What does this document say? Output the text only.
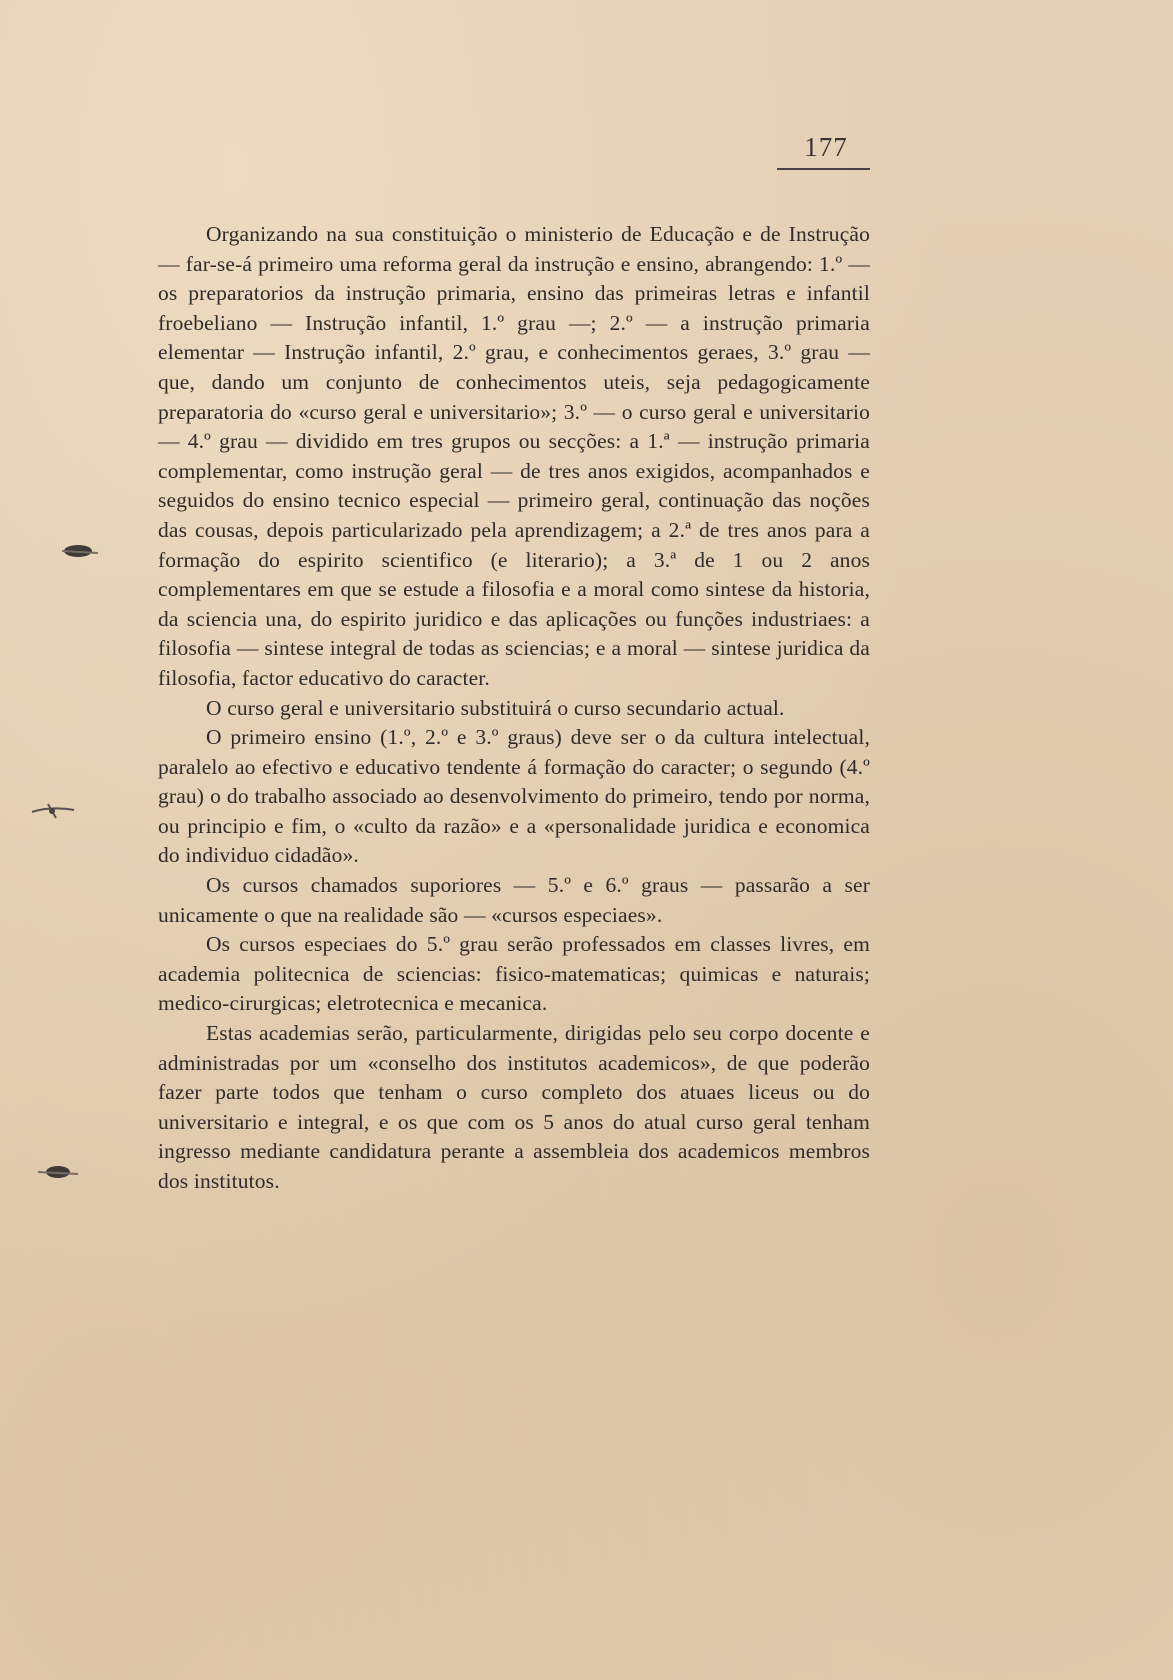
177

Organizando na sua constituição o ministerio de Educação e de Instrução — far-se-á primeiro uma reforma geral da instrução e ensino, abrangendo: 1.º — os preparatorios da instrução primaria, ensino das primeiras letras e infantil froebeliano — Instrução infantil, 1.º grau —; 2.º — a instrução primaria elementar — Instrução infantil, 2.º grau, e conhecimentos geraes, 3.º grau — que, dando um conjunto de conhecimentos uteis, seja pedagogicamente preparatoria do «curso geral e universitario»; 3.º — o curso geral e universitario — 4.º grau — dividido em tres grupos ou secções: a 1.ª — instrução primaria complementar, como instrução geral — de tres anos exigidos, acompanhados e seguidos do ensino tecnico especial — primeiro geral, continuação das noções das cousas, depois particularizado pela aprendizagem; a 2.ª de tres anos para a formação do espirito scientifico (e literario); a 3.ª de 1 ou 2 anos complementares em que se estude a filosofia e a moral como sintese da historia, da sciencia una, do espirito juridico e das aplicações ou funções industriaes: a filosofia — sintese integral de todas as sciencias; e a moral — sintese juridica da filosofia, factor educativo do caracter.

O curso geral e universitario substituirá o curso secundario actual.

O primeiro ensino (1.º, 2.º e 3.º graus) deve ser o da cultura intelectual, paralelo ao efectivo e educativo tendente á formação do caracter; o segundo (4.º grau) o do trabalho associado ao desenvolvimento do primeiro, tendo por norma, ou principio e fim, o «culto da razão» e a «personalidade juridica e economica do individuo cidadão».

Os cursos chamados suporiores — 5.º e 6.º graus — passarão a ser unicamente o que na realidade são — «cursos especiaes».

Os cursos especiaes do 5.º grau serão professados em classes livres, em academia politecnica de sciencias: fisico-matematicas; quimicas e naturais; medico-cirurgicas; eletrotecnica e mecanica.

Estas academias serão, particularmente, dirigidas pelo seu corpo docente e administradas por um «conselho dos institutos academicos», de que poderão fazer parte todos que tenham o curso completo dos atuaes liceus ou do universitario e integral, e os que com os 5 anos do atual curso geral tenham ingresso mediante candidatura perante a assembleia dos academicos membros dos institutos.
